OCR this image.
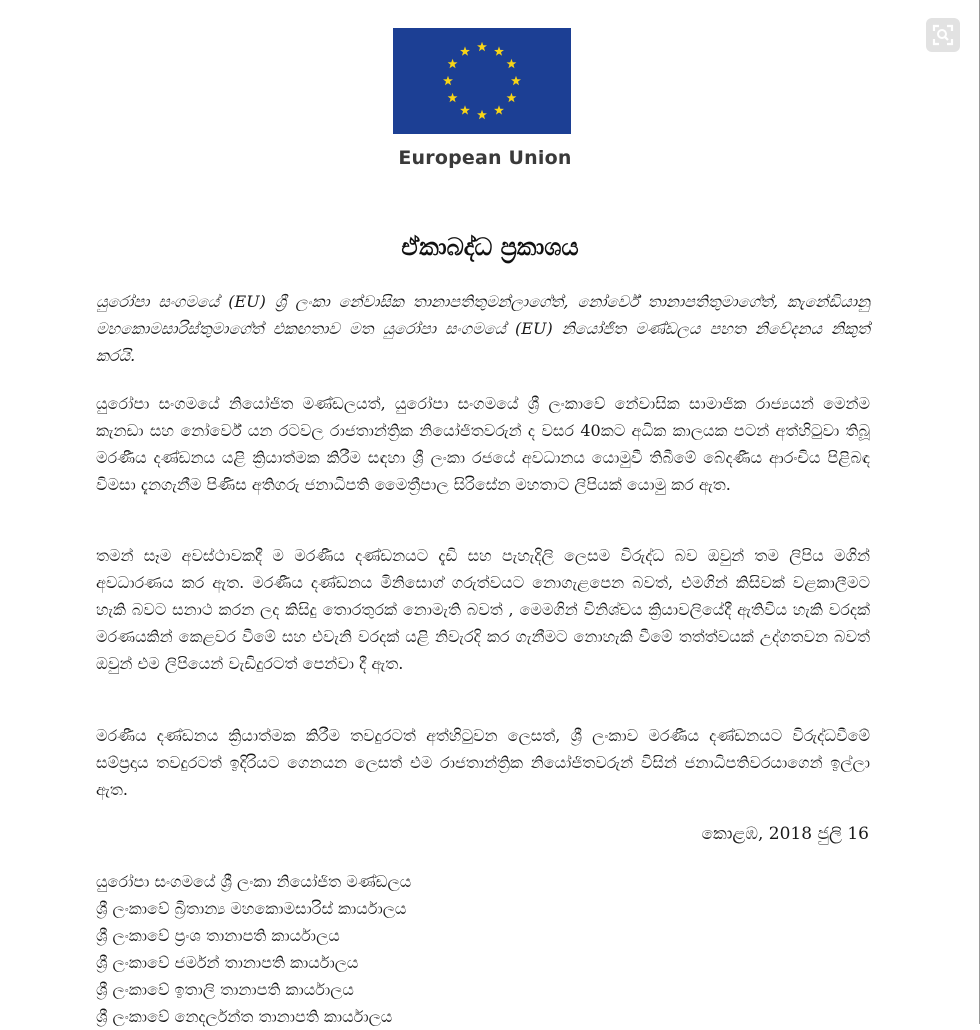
European Union
ඒකාබද්ධ ප්‍රකාශය

යුරෝපා සංගමයේ (EU) ශ්‍රී ලංකා නේවාසික තානාපතිතුමන්ලාගේත්, නෝර්වේ තානාපතිතුමාගේත්, කැනේඩියානු මහකොමසාරිස්තුමාගේත් එකඟතාව මත යුරෝපා සංගමයේ (EU) නියෝජිත මණ්ඩලය පහත නිවේදනය නිකුත් කරයි.

යුරෝපා සංගමයේ නියෝජිත මණ්ඩලයත්, යුරෝපා සංගමයේ ශ්‍රී ලංකාවේ නේවාසික සාමාජික රාජ්‍යයන් මෙන්ම කැනඩා සහ නෝර්වේ යන රටවල රාජතාන්ත්‍රික නියෝජිතවරුන් ද වසර 40කට අධික කාලයක පටන් අත්හිටුවා තිබූ මරණීය දණ්ඩනය යළි ක්‍රියාත්මක කිරීම සඳහා ශ්‍රී ලංකා රජයේ අවධානය යොමුවී තිබීමේ බේදණීය ආරංචිය පිළිබඳ විමසා දැනගැනීම පිණිස අතිගරු ජනාධිපති මෛත්‍රීපාල සිරිසේන මහතාට ලිපියක් යොමු කර ඇත.

තමන් සෑම අවස්ථාවකදී ම මරණීය දණ්ඩනයට දැඩි සහ පැහැදිලි ලෙසම විරුද්ධ බව ඔවුන් තම ලිපිය මගින් අවධාරණය කර ඇත. මරණීය දණ්ඩනය මිනිසොග් ගරුත්වයට නොගැළපෙන බවත්, එමගින් කිසිවක් වළකාලීමට හැකි බවට සනාථ කරන ලද කිසිදු තොරතුරක් නොමැති බවත් , මෙමගින් විනිශ්චය ක්‍රියාවලියේදී ඇතිවිය හැකි වරදක් මරණයකින් කෙළවර වීමේ සහ එවැනි වරදක් යළි නිවැරදි කර ගැනීමට නොහැකි වීමේ තත්ත්වයක් උද්ගතවන බවත් ඔවුන් එම ලිපියෙන් වැඩිදුරටත් පෙන්වා දී ඇත.

මරණීය දණ්ඩනය ක්‍රියාත්මක කිරීම තවදුරටත් අත්හිටුවන ලෙසත්, ශ්‍රී ලංකාව මරණීය දණ්ඩනයට විරුද්ධවීමේ සම්ප්‍රදාය තවදුරටත් ඉදිරියට ගෙනයන ලෙසත් එම රාජතාන්ත්‍රික නියෝජිතවරුන් විසින් ජනාධිපතිවරයාගෙන් ඉල්ලා ඇත.

කොළඹ, 2018 ජුලි 16

යුරෝපා සංගමයේ ශ්‍රී ලංකා නියෝජිත මණ්ඩලය
ශ්‍රී ලංකාවේ බ්‍රිතාන්‍ය මහකොමසාරිස් කාර්යාලය
ශ්‍රී ලංකාවේ ප්‍රංශ තානාපති කාර්යාලය
ශ්‍රී ලංකාවේ ජර්මන් තානාපති කාර්යාලය
ශ්‍රී ලංකාවේ ඉතාලි තානාපති කාර්යාලය
ශ්‍රී ලංකාවේ නෙදර්ලන්ත තානාපති කාර්යාලය
